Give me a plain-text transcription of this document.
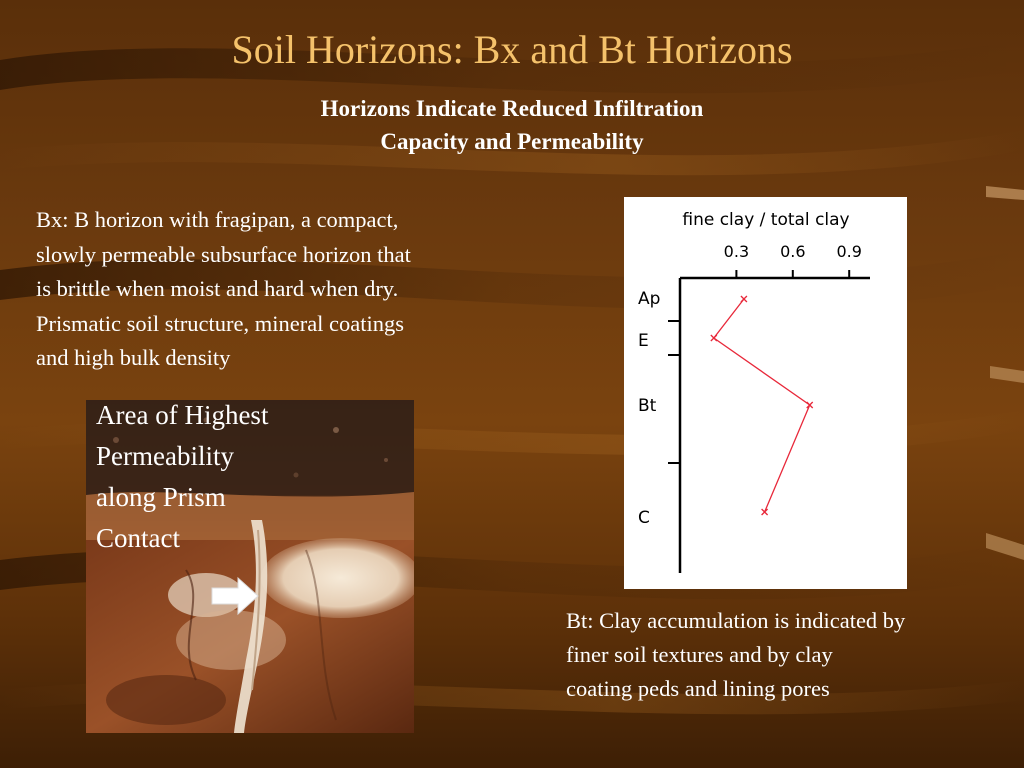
Soil Horizons: Bx and Bt Horizons
Horizons Indicate Reduced Infiltration
Capacity and Permeability
Bx: B horizon with fragipan, a compact,
slowly permeable subsurface horizon that
is brittle when moist and hard when dry.
Prismatic soil structure, mineral coatings
and high bulk density
Area of Highest
Permeability
along Prism
Contact
fine clay / total clay
0.3 0.6 0.9
Ap
E
Bt
C
Bt: Clay accumulation is indicated by
finer soil textures and by clay
coating peds and lining pores
